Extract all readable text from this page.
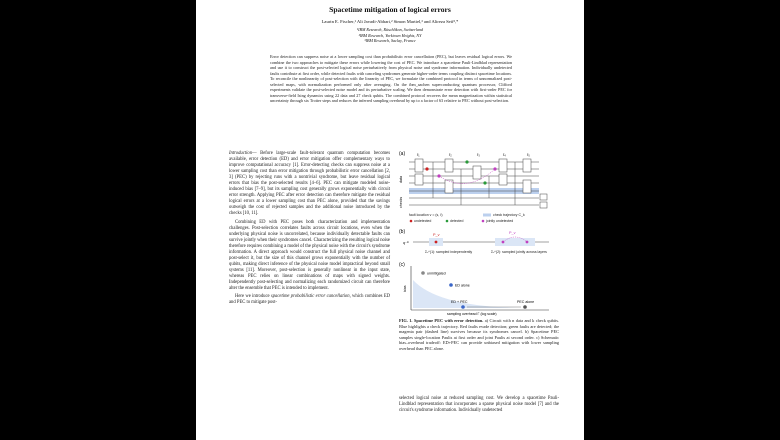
Spacetime mitigation of logical errors
Laurin E. Fischer,¹ Ali Javadi-Abhari,² Simon Martiel,³ and Alireza Seif²,*
¹IBM Research, Rüschlikon, Switzerland
²IBM Research, Yorktown Heights, NY
³IBM Research, Saclay, France
Error detection can suppress noise at a lower sampling cost than probabilistic error cancellation (PEC), but leaves residual logical errors. We combine the two approaches to mitigate these errors while lowering the cost of PEC. We introduce a spacetime Pauli-Lindblad representation and use it to construct the post-selected logical noise perturbatively from physical noise and syndrome information. Individually undetected faults contribute at first order, while detected faults with canceling syndromes generate higher-order terms coupling distinct spacetime locations. To reconcile the nonlinearity of post-selection with the linearity of PEC, we formulate the combined protocol in terms of unnormalized post-selected maps, with normalization performed only after averaging. On the ibm_aachen superconducting quantum processor, Clifford experiments validate the post-selected noise model and its perturbative scaling. We then demonstrate error detection with first-order PEC for transverse-field Ising dynamics using 22 data and 27 check qubits. The combined protocol recovers the mean magnetization within statistical uncertainty through six Trotter steps and reduces the inferred sampling overhead by up to a factor of 63 relative to PEC without post-selection.

Introduction— Before large-scale fault-tolerant quantum computation becomes available, error detection (ED) and error mitigation offer complementary ways to improve computational accuracy [1]. Error-detecting checks can suppress noise at a lower sampling cost than error mitigation through probabilistic error cancellation [2, 3] (PEC) by rejecting runs with a nontrivial syndrome, but leave residual logical errors that bias the post-selected results [4–6]. PEC can mitigate modeled noise-induced bias [7–9], but its sampling cost generally grows exponentially with circuit error strength. Applying PEC after error detection can therefore mitigate the residual logical errors at a lower sampling cost than PEC alone, provided that the savings outweigh the cost of rejected samples and the additional noise introduced by the checks [10, 11].

Combining ED with PEC poses both characterization and implementation challenges. Post-selection correlates faults across circuit locations, even when the underlying physical noise is uncorrelated, because individually detectable faults can survive jointly when their syndromes cancel. Characterizing the resulting logical noise therefore requires combining a model of the physical noise with the circuit's syndrome information. A direct approach would construct the full physical noise channel and post-select it, but the size of this channel grows exponentially with the number of qubits, making direct inference of the physical noise model impractical beyond small systems [11]. Moreover, post-selection is generally nonlinear in the input state, whereas PEC relies on linear combinations of maps with signed weights. Independently post-selecting and normalizing each randomized circuit can therefore alter the ensemble that PEC is intended to implement.

Here we introduce spacetime probabilistic error cancellation, which combines ED and PEC to mitigate post-

(a)	ℓ₁	ℓ₂	ℓ₃	ℓ₄	ℓ₅
data
checks
fault location v = (s, ℓ)	check trajectory C_k
undetected	detected	jointly undetected
(b)
q⁻¹ᵗ
P_v	P_v
Σᵥ^(1): sampled independently	Σᵥ^(2): sampled jointly across layers
(c)
bias
unmitigated
ED alone
ED + PEC	PEC alone
sampling overhead Γ (log scale)
FIG. 1. Spacetime PEC with error detection. a) Circuit with n data and k check qubits. Blue highlights a check trajectory. Red faults evade detection; green faults are detected; the magenta pair (dashed line) survives because its syndromes cancel. b) Spacetime PEC samples single-location Paulis at first order and joint Paulis at second order. c) Schematic bias–overhead tradeoff: ED+PEC can provide unbiased mitigation with lower sampling overhead than PEC alone.
selected logical noise at reduced sampling cost. We develop a spacetime Pauli-Lindblad representation that incorporates a sparse physical noise model [7] and the circuit's syndrome information. Individually undetected
